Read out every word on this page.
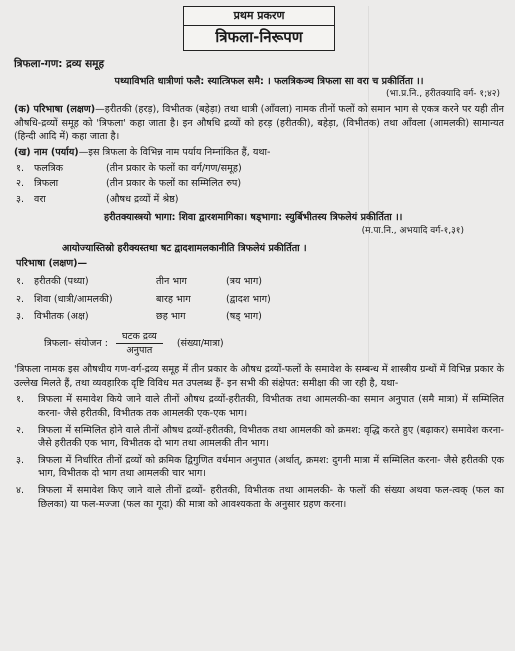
प्रथम प्रकरण
त्रिफला-निरूपण
त्रिफला-गण: द्रव्य समूह
पथ्याविभति धात्रीणां फलै: स्यात्त्रिफल समै: । फलत्रिकञ्च त्रिफला सा वरा च प्रकीर्तिता ।।
(भा.प्र.नि., हरीतक्यादि वर्ग- १;४२)

(क) परिभाषा (लक्षण)—हरीतकी (हरड़), विभीतक (बहेड़ा) तथा धात्री (आँवला) नामक तीनों फलों को समान भाग से एकत्र करने पर यही तीन औषधि-द्रव्यों समूह को 'त्रिफला' कहा जाता है। इन औषधि द्रव्यों को हरड़ (हरीतकी), बहेड़ा, (विभीतक) तथा आँवला (आमलकी) सामान्यत (हिन्दी आदि में) कहा जाता है।

(ख) नाम (पर्याय)—इस त्रिफला के विभिन्न नाम पर्याय निम्नांकित हैं, यथा-

१.	फलत्रिक	(तीन प्रकार के फलों का वर्ग/गण/समूह)
२.	त्रिफला	(तीन प्रकार के फलों का सम्मिलित रुप)
३.	वरा	(औषध द्रव्यों में श्रेष्ठ)
हरीतक्यास्त्रयो भागा: शिवा द्वारशमागिका। षड्भागा: स्युर्बिभीतस्य त्रिफलेयं प्रकीर्तिता ।।
(म.पा.नि., अभयादि वर्ग-१,३१)
आयोज्यास्तिस्रो हरीक्यस्तथा षट द्वादशामलकानीति त्रिफलेयं प्रकीर्तिता ।
परिभाषा (लक्षण)—
१.	हरीतकी (पथ्या)	तीन भाग	(त्रय भाग)
२.	शिवा (धात्री/आमलकी)	बारह भाग	(द्वादश भाग)
३.	विभीतक (अक्ष)	छह भाग	(षड् भाग)
त्रिफला- संयोजन : $\frac{\text{घटक द्रव्य}}{\text{अनुपात}}$ (संख्या/मात्रा)

'त्रिफला नामक इस औषधीय गण-वर्ग-द्रव्य समूह में तीन प्रकार के औषध द्रव्यों-फलों के समावेश के सम्बन्ध में शास्त्रीय ग्रन्थों में विभिन्न प्रकार के उल्लेख मिलते हैं, तथा व्यवहारिक दृष्टि विविध मत उपलब्ध हैं- इन सभी की संक्षेपत: समीक्षा की जा रही है, यथा-

१.	त्रिफला में समावेश किये जाने वाले तीनों औषध द्रव्यों-हरीतकी, विभीतक तथा आमलकी-का समान अनुपात (समै मात्रा) में सम्मिलित करना- जैसे हरीतकी, विभीतक तक आमलकी एक-एक भाग।
२.	त्रिफला में सम्मिलित होने वाले तीनों औषध द्रव्यों-हरीतकी, विभीतक तथा आमलकी को क्रमश: वृद्धि करते हुए (बढ़ाकर) समावेश करना- जैसे हरीतकी एक भाग, विभीतक दो भाग तथा आमलकी तीन भाग।
३.	त्रिफला में निर्धारित तीनों द्रव्यों को क्रमिक द्विगुणित वर्धमान अनुपात (अर्थात्, क्रमश: दुगनी मात्रा में सम्मिलित करना- जैसे हरीतकी एक भाग, विभीतक दो भाग तथा आमलकी चार भाग।
४.	त्रिफला में समावेश किए जाने वाले तीनों द्रव्यों- हरीतकी, विभीतक तथा आमलकी- के फलों की संख्या अथवा फल-त्वक् (फल का छिलका) या फल-मज्जा (फल का गूदा) की मात्रा को आवश्यकता के अनुसार ग्रहण करना।
